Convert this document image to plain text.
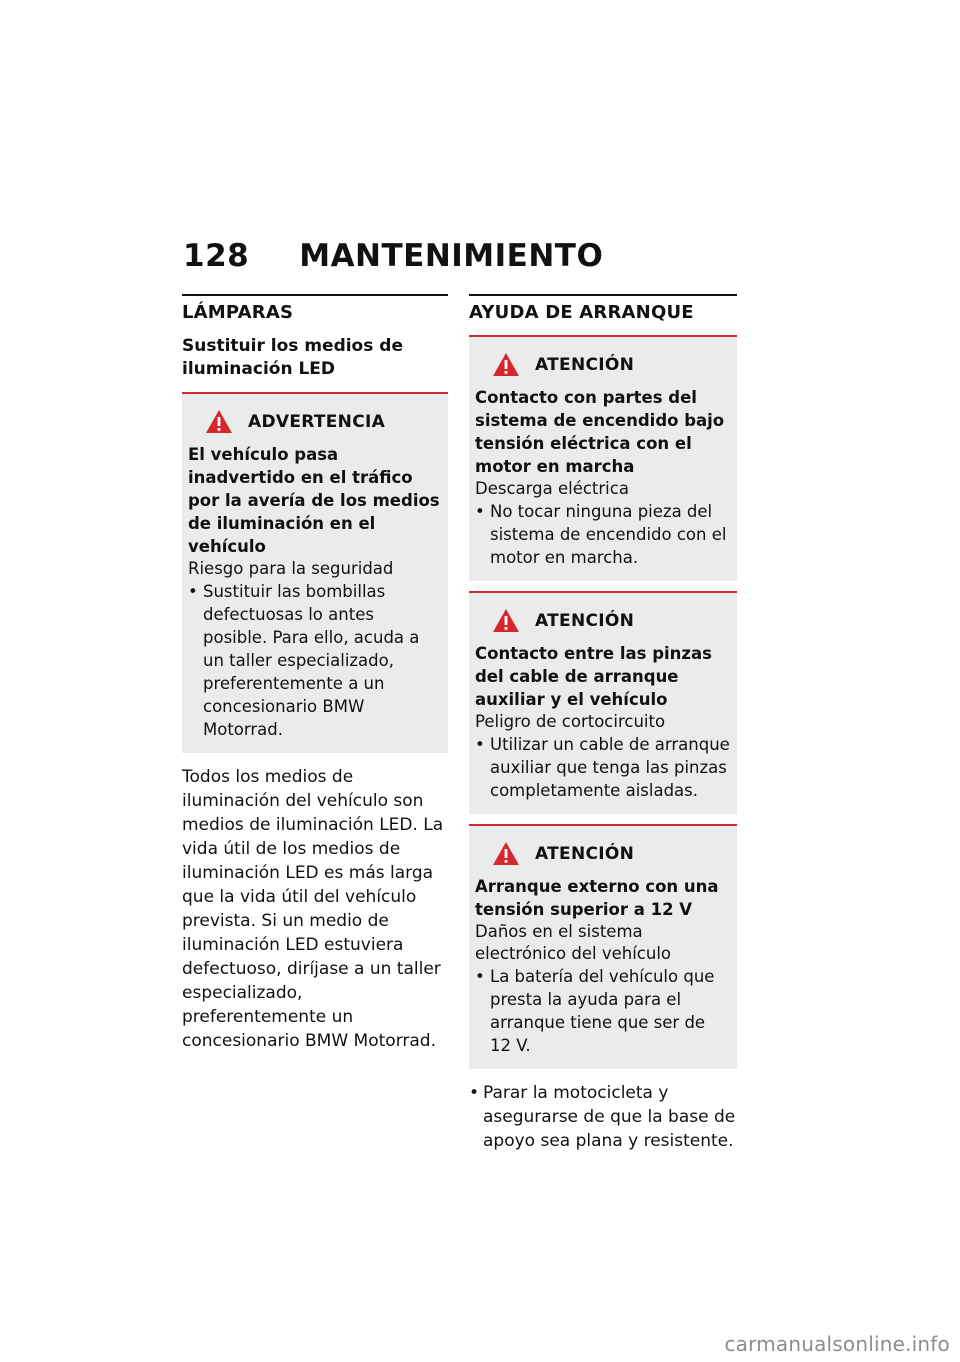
128 MANTENIMIENTO
LÁMPARAS
Sustituir los medios de iluminación LED
ADVERTENCIA
El vehículo pasa inadvertido en el tráfico por la avería de los medios de iluminación en el vehículo
Riesgo para la seguridad
• Sustituir las bombillas defectuosas lo antes posible. Para ello, acuda a un taller especializado, preferentemente a un concesionario BMW Motorrad.

Todos los medios de iluminación del vehículo son medios de iluminación LED. La vida útil de los medios de iluminación LED es más larga que la vida útil del vehículo prevista. Si un medio de iluminación LED estuviera defectuoso, diríjase a un taller especializado, preferentemente un concesionario BMW Motorrad.

AYUDA DE ARRANQUE
ATENCIÓN
Contacto con partes del sistema de encendido bajo tensión eléctrica con el motor en marcha
Descarga eléctrica
• No tocar ninguna pieza del sistema de encendido con el motor en marcha.
ATENCIÓN
Contacto entre las pinzas del cable de arranque auxiliar y el vehículo
Peligro de cortocircuito
• Utilizar un cable de arranque auxiliar que tenga las pinzas completamente aisladas.
ATENCIÓN
Arranque externo con una tensión superior a 12 V
Daños en el sistema electrónico del vehículo
• La batería del vehículo que presta la ayuda para el arranque tiene que ser de 12 V.
• Parar la motocicleta y asegurarse de que la base de apoyo sea plana y resistente.
carmanualsonline.info
